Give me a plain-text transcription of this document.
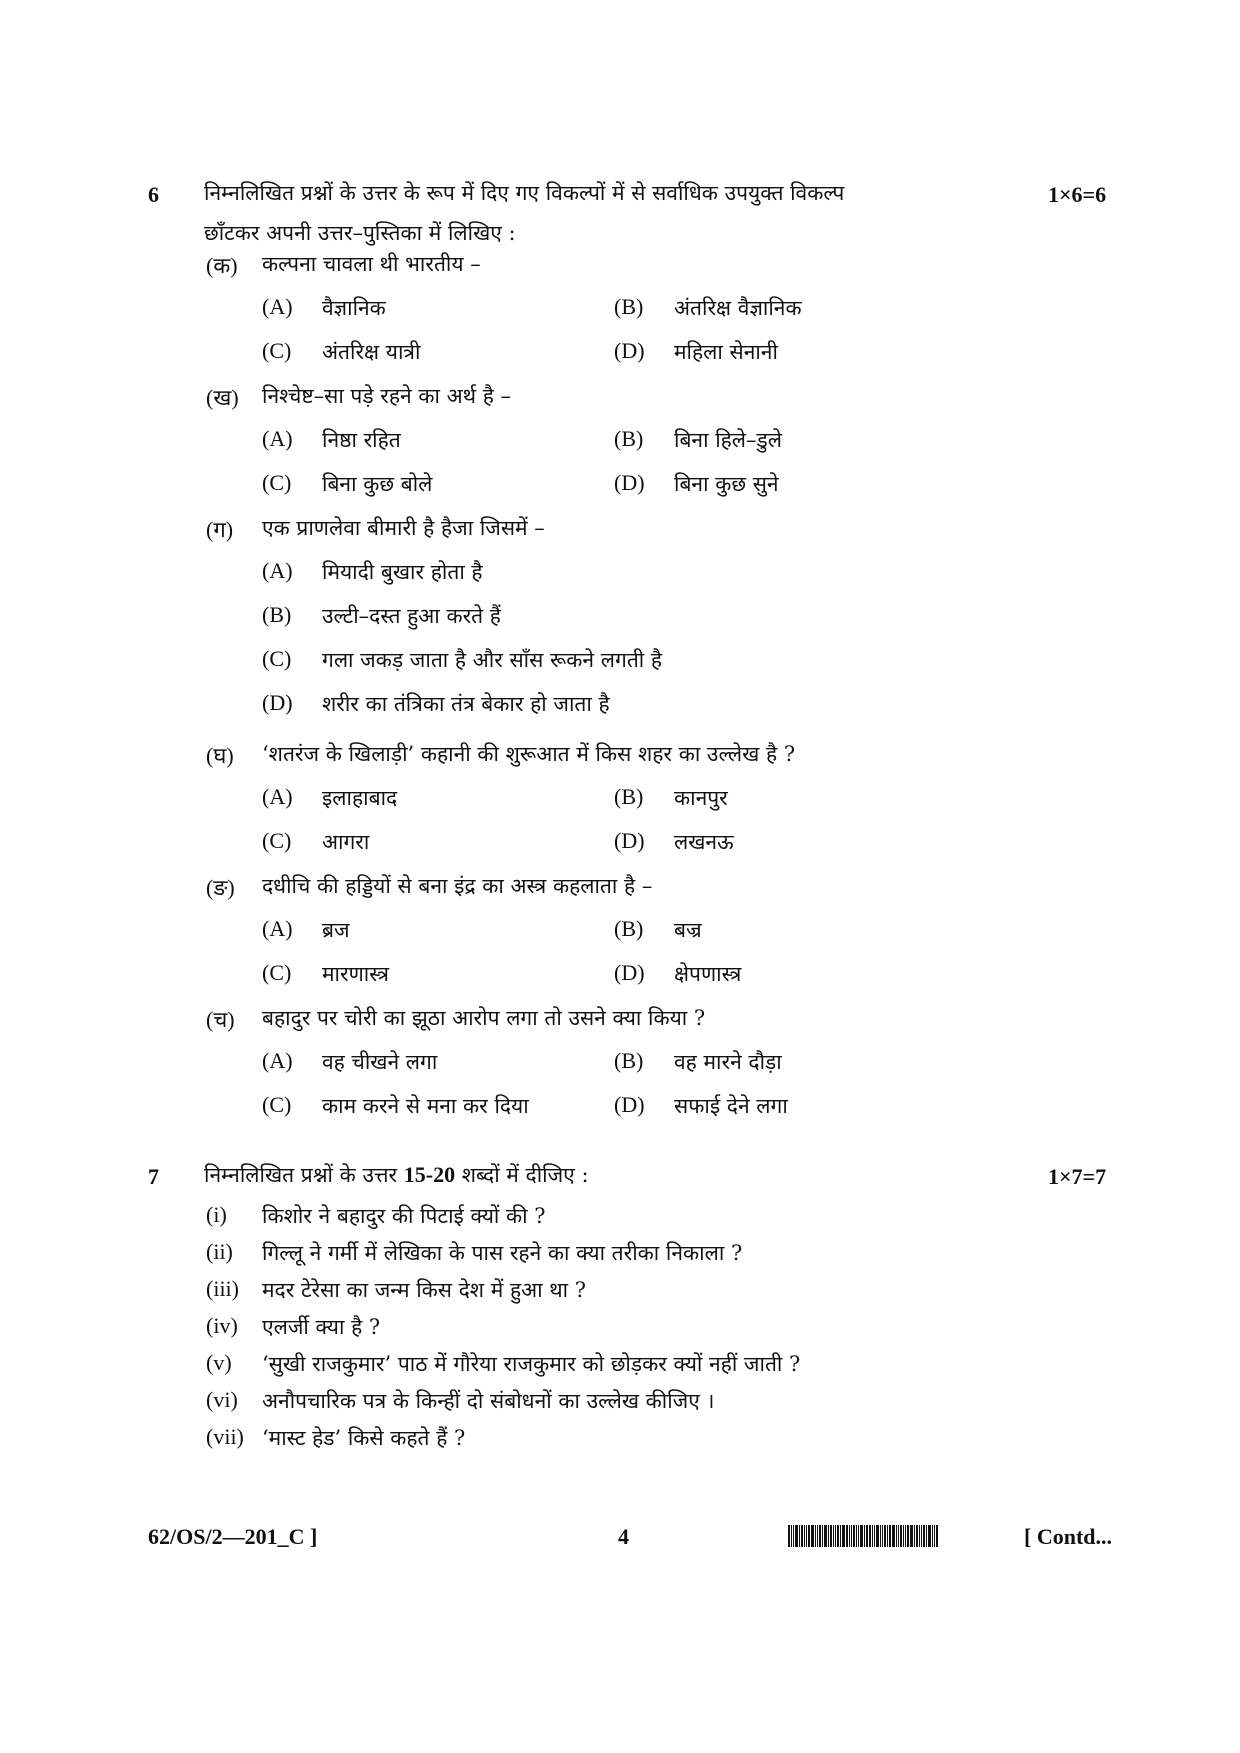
6 निम्नलिखित प्रश्नों के उत्तर के रूप में दिए गए विकल्पों में से सर्वाधिक उपयुक्त विकल्प
छाँटकर अपनी उत्तर–पुस्तिका में लिखिए :
1×6=6
(क) कल्पना चावला थी भारतीय –
(A) वैज्ञानिक	(B) अंतरिक्ष वैज्ञानिक
(C) अंतरिक्ष यात्री	(D) महिला सेनानी
(ख) निश्चेष्ट–सा पड़े रहने का अर्थ है –
(A) निष्ठा रहित	(B) बिना हिले–डुले
(C) बिना कुछ बोले	(D) बिना कुछ सुने
(ग) एक प्राणलेवा बीमारी है हैजा जिसमें –
(A) मियादी बुखार होता है
(B) उल्टी–दस्त हुआ करते हैं
(C) गला जकड़ जाता है और साँस रूकने लगती है
(D) शरीर का तंत्रिका तंत्र बेकार हो जाता है
(घ) ‘शतरंज के खिलाड़ी’ कहानी की शुरूआत में किस शहर का उल्लेख है ?
(A) इलाहाबाद	(B) कानपुर
(C) आगरा	(D) लखनऊ
(ङ) दधीचि की हड्डियों से बना इंद्र का अस्त्र कहलाता है –
(A) ब्रज	(B) बज्र
(C) मारणास्त्र	(D) क्षेपणास्त्र
(च) बहादुर पर चोरी का झूठा आरोप लगा तो उसने क्या किया ?
(A) वह चीखने लगा	(B) वह मारने दौड़ा
(C) काम करने से मना कर दिया	(D) सफाई देने लगा
7 निम्नलिखित प्रश्नों के उत्तर 15-20 शब्दों में दीजिए :	1×7=7
(i) किशोर ने बहादुर की पिटाई क्यों की ?
(ii) गिल्लू ने गर्मी में लेखिका के पास रहने का क्या तरीका निकाला ?
(iii) मदर टेरेसा का जन्म किस देश में हुआ था ?
(iv) एलर्जी क्या है ?
(v) ‘सुखी राजकुमार’ पाठ में गौरेया राजकुमार को छोड़कर क्यों नहीं जाती ?
(vi) अनौपचारिक पत्र के किन्हीं दो संबोधनों का उल्लेख कीजिए ।
(vii) ‘मास्ट हेड’ किसे कहते हैं ?
62/OS/2—201_C ]	4	[ Contd...
